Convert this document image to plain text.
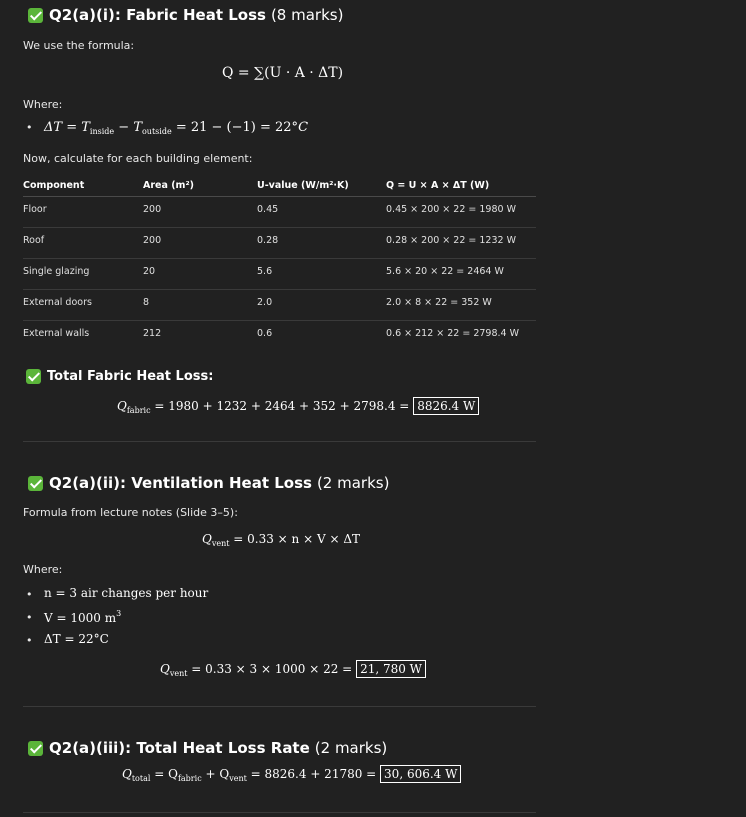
Q2(a)(i): Fabric Heat Loss (8 marks)
We use the formula:
Q = ∑(U · A · ΔT)
Where:
• $\Delta T = T_{inside} - T_{outside} = 21 - (-1) = 22^\circ C$
Now, calculate for each building element:
Component	Area (m²)	U-value (W/m²·K)	Q = U × A × ΔT (W)
Floor	200	0.45	0.45 × 200 × 22 = 1980 W
Roof	200	0.28	0.28 × 200 × 22 = 1232 W
Single glazing	20	5.6	5.6 × 20 × 22 = 2464 W
External doors	8	2.0	2.0 × 8 × 22 = 352 W
External walls	212	0.6	0.6 × 212 × 22 = 2798.4 W
Total Fabric Heat Loss:
$Q_{fabric} = 1980 + 1232 + 2464 + 352 + 2798.4 = 8826.4$ W
Q2(a)(ii): Ventilation Heat Loss (2 marks)
Formula from lecture notes (Slide 3–5):
$Q_{vent} = 0.33 \times n \times V \times \Delta T$
Where:
• n = 3 air changes per hour
• V = 1000 $m^3$
• ΔT = 22°C
$Q_{vent} = 0.33 \times 3 \times 1000 \times 22 = 21$, 780 W
Q2(a)(iii): Total Heat Loss Rate (2 marks)
$Q_{total} = Q_{fabric} + Q_{vent} = 8826.4 + 21780 = 30$, 606.4 W
